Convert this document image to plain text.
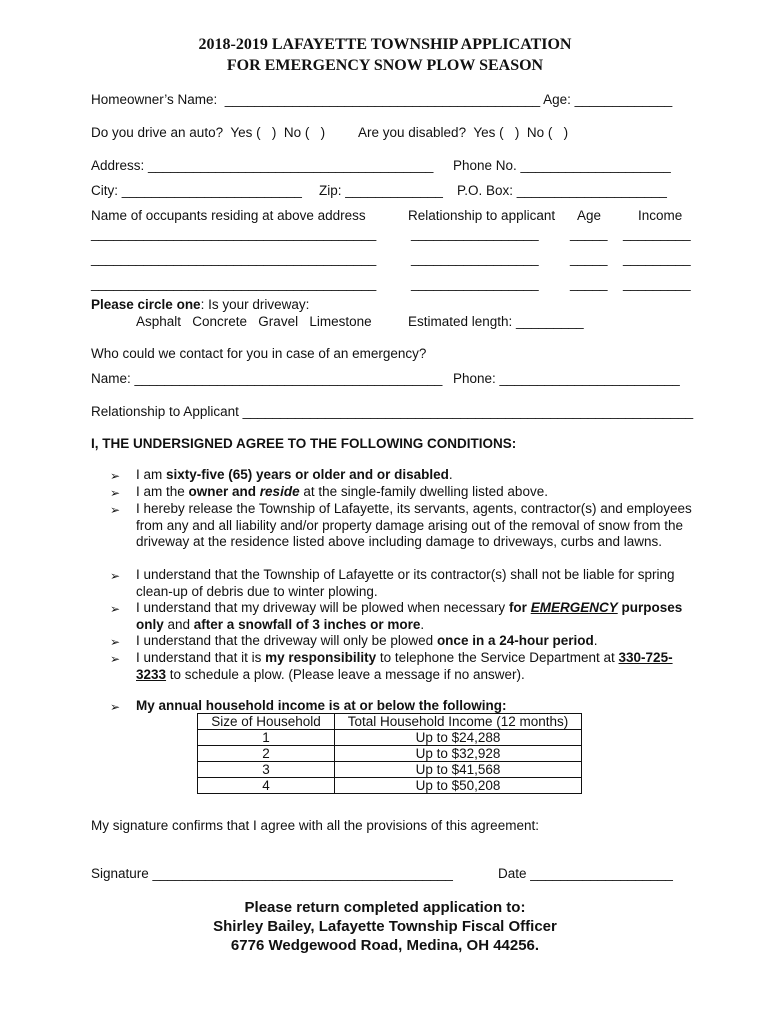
2018-2019 LAFAYETTE TOWNSHIP APPLICATION
FOR EMERGENCY SNOW PLOW SEASON
Homeowner’s Name:  __________________________________________ Age: _____________
Do you drive an auto?  Yes (   )  No (   ) Are you disabled?  Yes (   )  No (   )
Address: ______________________________________ Phone No. ____________________
City: ________________________ Zip: _____________ P.O. Box: ____________________
Name of occupants residing at above address	Relationship to applicant Age	Income
______________________________________	_________________ _____ _________
______________________________________	_________________ _____ _________
______________________________________	_________________ _____ _________
Please circle one: Is your driveway:
Asphalt   Concrete   Gravel   Limestone	Estimated length: _________
Who could we contact for you in case of an emergency?
Name: _________________________________________ Phone: ________________________
Relationship to Applicant ____________________________________________________________
I, THE UNDERSIGNED AGREE TO THE FOLLOWING CONDITIONS:
➢ I am sixty-five (65) years or older and or disabled.
➢ I am the owner and reside at the single-family dwelling listed above.
➢ I hereby release the Township of Lafayette, its servants, agents, contractor(s) and employees from any and all liability and/or property damage arising out of the removal of snow from the driveway at the residence listed above including damage to driveways, curbs and lawns.
➢ I understand that the Township of Lafayette or its contractor(s) shall not be liable for spring clean-up of debris due to winter plowing.
➢ I understand that my driveway will be plowed when necessary for EMERGENCY purposes only and after a snowfall of 3 inches or more.
➢ I understand that the driveway will only be plowed once in a 24-hour period.
➢ I understand that it is my responsibility to telephone the Service Department at 330-725-3233 to schedule a plow. (Please leave a message if no answer).
➢ My annual household income is at or below the following:
Size of Household	Total Household Income (12 months)
1	Up to $24,288
2	Up to $32,928
3	Up to $41,568
4	Up to $50,208
My signature confirms that I agree with all the provisions of this agreement:
Signature ________________________________________	Date ___________________
Please return completed application to:
Shirley Bailey, Lafayette Township Fiscal Officer
6776 Wedgewood Road, Medina, OH 44256.
